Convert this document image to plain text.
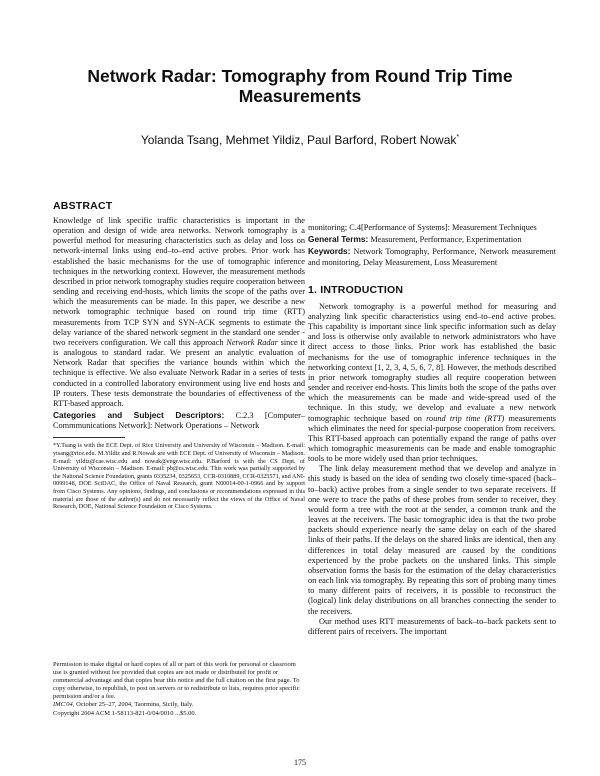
Network Radar: Tomography from Round Trip Time Measurements

Yolanda Tsang, Mehmet Yildiz, Paul Barford, Robert Nowak*

ABSTRACT

Knowledge of link specific traffic characteristics is important in the operation and design of wide area networks. Network tomography is a powerful method for measuring characteristics such as delay and loss on network-internal links using end–to–end active probes. Prior work has established the basic mechanisms for the use of tomographic inference techniques in the networking context. However, the measurement methods described in prior network tomography studies require cooperation between sending and receiving end-hosts, which limits the scope of the paths over which the measurements can be made. In this paper, we describe a new network tomographic technique based on round trip time (RTT) measurements from TCP SYN and SYN-ACK segments to estimate the delay variance of the shared network segment in the standard one sender - two receivers configuration. We call this approach Network Radar since it is analogous to standard radar. We present an analytic evaluation of Network Radar that specifies the variance bounds within which the technique is effective. We also evaluate Network Radar in a series of tests conducted in a controlled laboratory environment using live end hosts and IP routers. These tests demonstrate the boundaries of effectiveness of the RTT-based approach.

Categories and Subject Descriptors: C.2.3 [Computer–Commmunications Network]: Network Operations – Network

*Y.Tsang is with the ECE Dept. of Rice University and University of Wisconsin – Madison. E-mail: ytsang@rice.edu. M.Yildiz and R.Nowak are with ECE Dept. of University of Wisconsin – Madison. E-mail: yildiz@cae.wisc.edu and nowak@engr.wisc.edu. P.Barford is with the CS Dept. of University of Wisconsin – Madison. E-mail: pb@cs.wisc.edu. This work was partially supported by the National Science Foundation, grants 0335234, 0325653, CCR-0310889, CCR-0325571, and ANI-0099148, DOE SciDAC, the Office of Naval Research, grant N00014-00-1-0966 and by support from Cisco Systems. Any opinions, findings, and conclusions or recommendations expressed in this material are those of the author(s) and do not necessarily reflect the views of the Office of Naval Research, DOE, National Science Foundation or Cisco Systems.

Permission to make digital or hard copies of all or part of this work for personal or classroom use is granted without fee provided that copies are not made or distributed for profit or commercial advantage and that copies bear this notice and the full citation on the first page. To copy otherwise, to republish, to post on servers or to redistribute to lists, requires prior specific permission and/or a fee.

IMC'04, October 25–27, 2004, Taormina, Sicily, Italy.

Copyright 2004 ACM 1-58113-821-0/04/0010 ...$5.00.

monitoring; C.4[Performance of Systems]: Measurement Techniques

General Terms: Measurement, Performance, Experimentation

Keywords: Network Tomography, Performance, Network measurement and monitoring, Delay Measurement, Loss Measurement

1. INTRODUCTION

Network tomography is a powerful method for measuring and analyzing link specific characteristics using end–to–end active probes. This capability is important since link specific information such as delay and loss is otherwise only available to network administrators who have direct access to those links. Prior work has established the basic mechanisms for the use of tomographic inference techniques in the networking context [1, 2, 3, 4, 5, 6, 7, 8]. However, the methods described in prior network tomography studies all require cooperation between sender and receiver end-hosts. This limits both the scope of the paths over which the measurements can be made and wide-spread used of the technique. In this study, we develop and evaluate a new network tomographic technique based on round trip time (RTT) measurements which eliminates the need for special-purpose cooperation from receivers. This RTT-based approach can potentially expand the range of paths over which tomographic measurements can be made and enable tomographic tools to be more widely used than prior techniques.

The link delay measurement method that we develop and analyze in this study is based on the idea of sending two closely time-spaced (back–to–back) active probes from a single sender to two separate receivers. If one were to trace the paths of these probes from sender to receiver, they would form a tree with the root at the sender, a common trunk and the leaves at the receivers. The basic tomographic idea is that the two probe packets should experience nearly the same delay on each of the shared links of their paths. If the delays on the shared links are identical, then any differences in total delay measured are caused by the conditions experienced by the probe packets on the unshared links. This simple observation forms the basis for the estimation of the delay characteristics on each link via tomography. By repeating this sort of probing many times to many different pairs of receivers, it is possible to reconstruct the (logical) link delay distributions on all branches connecting the sender to the receivers.

Our method uses RTT measurements of back–to–back packets sent to different pairs of receivers. The important

175
